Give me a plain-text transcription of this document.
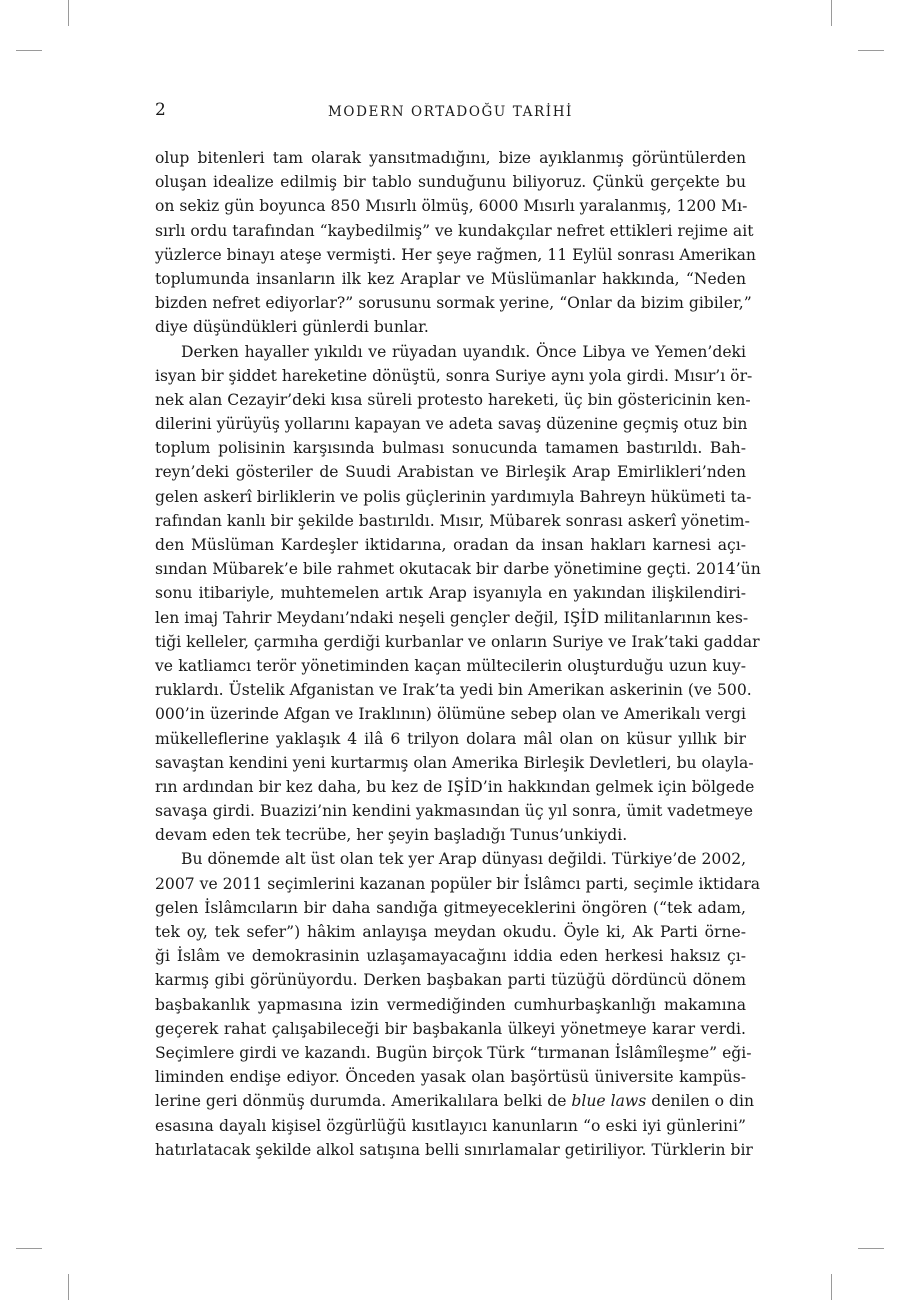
2	MODERN ORTADOĞU TARİHİ
olup bitenleri tam olarak yansıtmadığını, bize ayıklanmış görüntülerden
oluşan idealize edilmiş bir tablo sunduğunu biliyoruz. Çünkü gerçekte bu
on sekiz gün boyunca 850 Mısırlı ölmüş, 6000 Mısırlı yaralanmış, 1200 Mı-
sırlı ordu tarafından “kaybedilmiş” ve kundakçılar nefret ettikleri rejime ait
yüzlerce binayı ateşe vermişti. Her şeye rağmen, 11 Eylül sonrası Amerikan
toplumunda insanların ilk kez Araplar ve Müslümanlar hakkında, “Neden
bizden nefret ediyorlar?” sorusunu sormak yerine, “Onlar da bizim gibiler,”
diye düşündükleri günlerdi bunlar.
Derken hayaller yıkıldı ve rüyadan uyandık. Önce Libya ve Yemen’deki
isyan bir şiddet hareketine dönüştü, sonra Suriye aynı yola girdi. Mısır’ı ör-
nek alan Cezayir’deki kısa süreli protesto hareketi, üç bin göstericinin ken-
dilerini yürüyüş yollarını kapayan ve adeta savaş düzenine geçmiş otuz bin
toplum polisinin karşısında bulması sonucunda tamamen bastırıldı. Bah-
reyn’deki gösteriler de Suudi Arabistan ve Birleşik Arap Emirlikleri’nden
gelen askerî birliklerin ve polis güçlerinin yardımıyla Bahreyn hükümeti ta-
rafından kanlı bir şekilde bastırıldı. Mısır, Mübarek sonrası askerî yönetim-
den Müslüman Kardeşler iktidarına, oradan da insan hakları karnesi açı-
sından Mübarek’e bile rahmet okutacak bir darbe yönetimine geçti. 2014’ün
sonu itibariyle, muhtemelen artık Arap isyanıyla en yakından ilişkilendiri-
len imaj Tahrir Meydanı’ndaki neşeli gençler değil, IŞİD militanlarının kes-
tiği kelleler, çarmıha gerdiği kurbanlar ve onların Suriye ve Irak’taki gaddar
ve katliamcı terör yönetiminden kaçan mültecilerin oluşturduğu uzun kuy-
ruklardı. Üstelik Afganistan ve Irak’ta yedi bin Amerikan askerinin (ve 500.
000’in üzerinde Afgan ve Iraklının) ölümüne sebep olan ve Amerikalı vergi
mükelleflerine yaklaşık 4 ilâ 6 trilyon dolara mâl olan on küsur yıllık bir
savaştan kendini yeni kurtarmış olan Amerika Birleşik Devletleri, bu olayla-
rın ardından bir kez daha, bu kez de IŞİD’in hakkından gelmek için bölgede
savaşa girdi. Buazizi’nin kendini yakmasından üç yıl sonra, ümit vadetmeye
devam eden tek tecrübe, her şeyin başladığı Tunus’unkiydi.
Bu dönemde alt üst olan tek yer Arap dünyası değildi. Türkiye’de 2002,
2007 ve 2011 seçimlerini kazanan popüler bir İslâmcı parti, seçimle iktidara
gelen İslâmcıların bir daha sandığa gitmeyeceklerini öngören (“tek adam,
tek oy, tek sefer”) hâkim anlayışa meydan okudu. Öyle ki, Ak Parti örne-
ği İslâm ve demokrasinin uzlaşamayacağını iddia eden herkesi haksız çı-
karmış gibi görünüyordu. Derken başbakan parti tüzüğü dördüncü dönem
başbakanlık yapmasına izin vermediğinden cumhurbaşkanlığı makamına
geçerek rahat çalışabileceği bir başbakanla ülkeyi yönetmeye karar verdi.
Seçimlere girdi ve kazandı. Bugün birçok Türk “tırmanan İslâmîleşme” eği-
liminden endişe ediyor. Önceden yasak olan başörtüsü üniversite kampüs-
lerine geri dönmüş durumda. Amerikalılara belki de blue laws denilen o din
esasına dayalı kişisel özgürlüğü kısıtlayıcı kanunların “o eski iyi günlerini”
hatırlatacak şekilde alkol satışına belli sınırlamalar getiriliyor. Türklerin bir
